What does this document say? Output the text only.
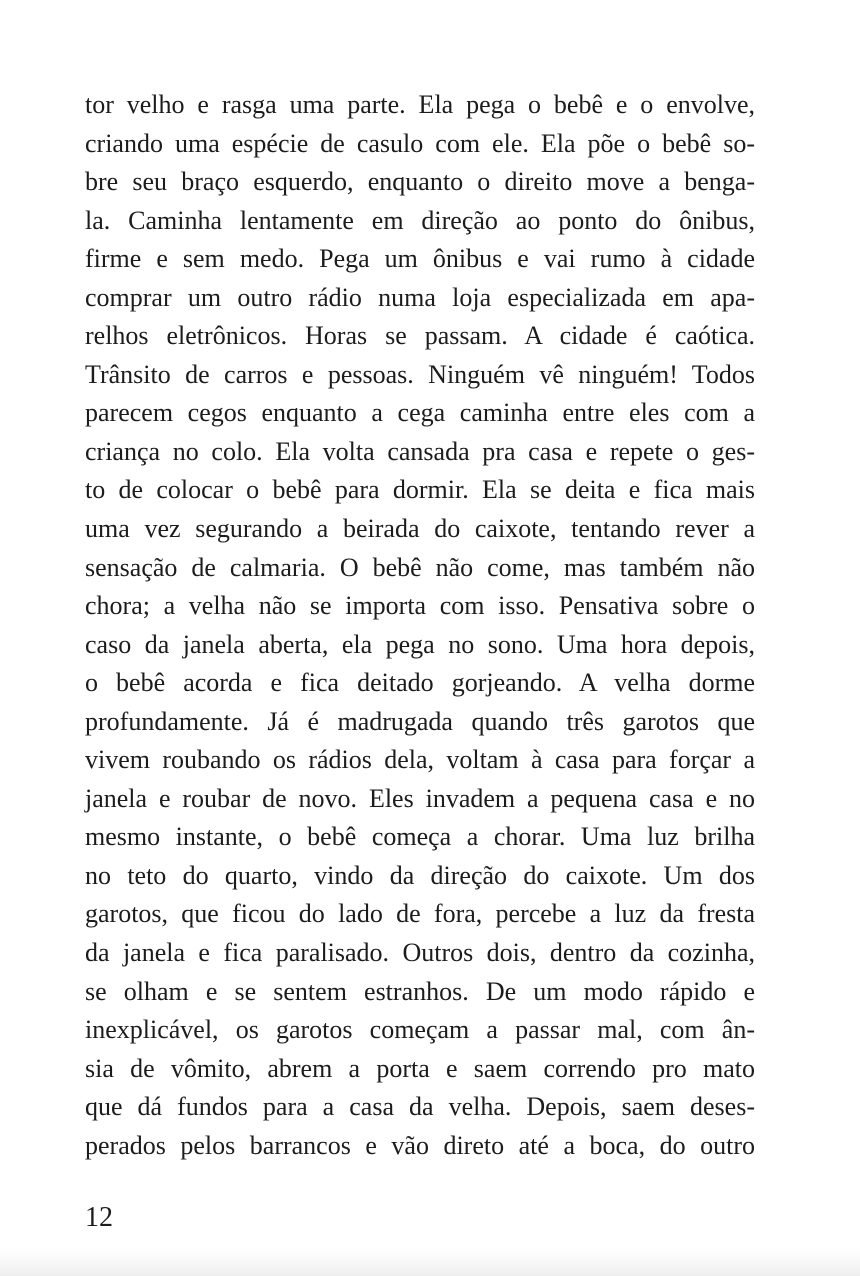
tor velho e rasga uma parte. Ela pega o bebê e o envolve,
criando uma espécie de casulo com ele. Ela põe o bebê so-
bre seu braço esquerdo, enquanto o direito move a benga-
la. Caminha lentamente em direção ao ponto do ônibus,
firme e sem medo. Pega um ônibus e vai rumo à cidade
comprar um outro rádio numa loja especializada em apa-
relhos eletrônicos. Horas se passam. A cidade é caótica.
Trânsito de carros e pessoas. Ninguém vê ninguém! Todos
parecem cegos enquanto a cega caminha entre eles com a
criança no colo. Ela volta cansada pra casa e repete o ges-
to de colocar o bebê para dormir. Ela se deita e fica mais
uma vez segurando a beirada do caixote, tentando rever a
sensação de calmaria. O bebê não come, mas também não
chora; a velha não se importa com isso. Pensativa sobre o
caso da janela aberta, ela pega no sono. Uma hora depois,
o bebê acorda e fica deitado gorjeando. A velha dorme
profundamente. Já é madrugada quando três garotos que
vivem roubando os rádios dela, voltam à casa para forçar a
janela e roubar de novo. Eles invadem a pequena casa e no
mesmo instante, o bebê começa a chorar. Uma luz brilha
no teto do quarto, vindo da direção do caixote. Um dos
garotos, que ficou do lado de fora, percebe a luz da fresta
da janela e fica paralisado. Outros dois, dentro da cozinha,
se olham e se sentem estranhos. De um modo rápido e
inexplicável, os garotos começam a passar mal, com ân-
sia de vômito, abrem a porta e saem correndo pro mato
que dá fundos para a casa da velha. Depois, saem deses-
perados pelos barrancos e vão direto até a boca, do outro
12
